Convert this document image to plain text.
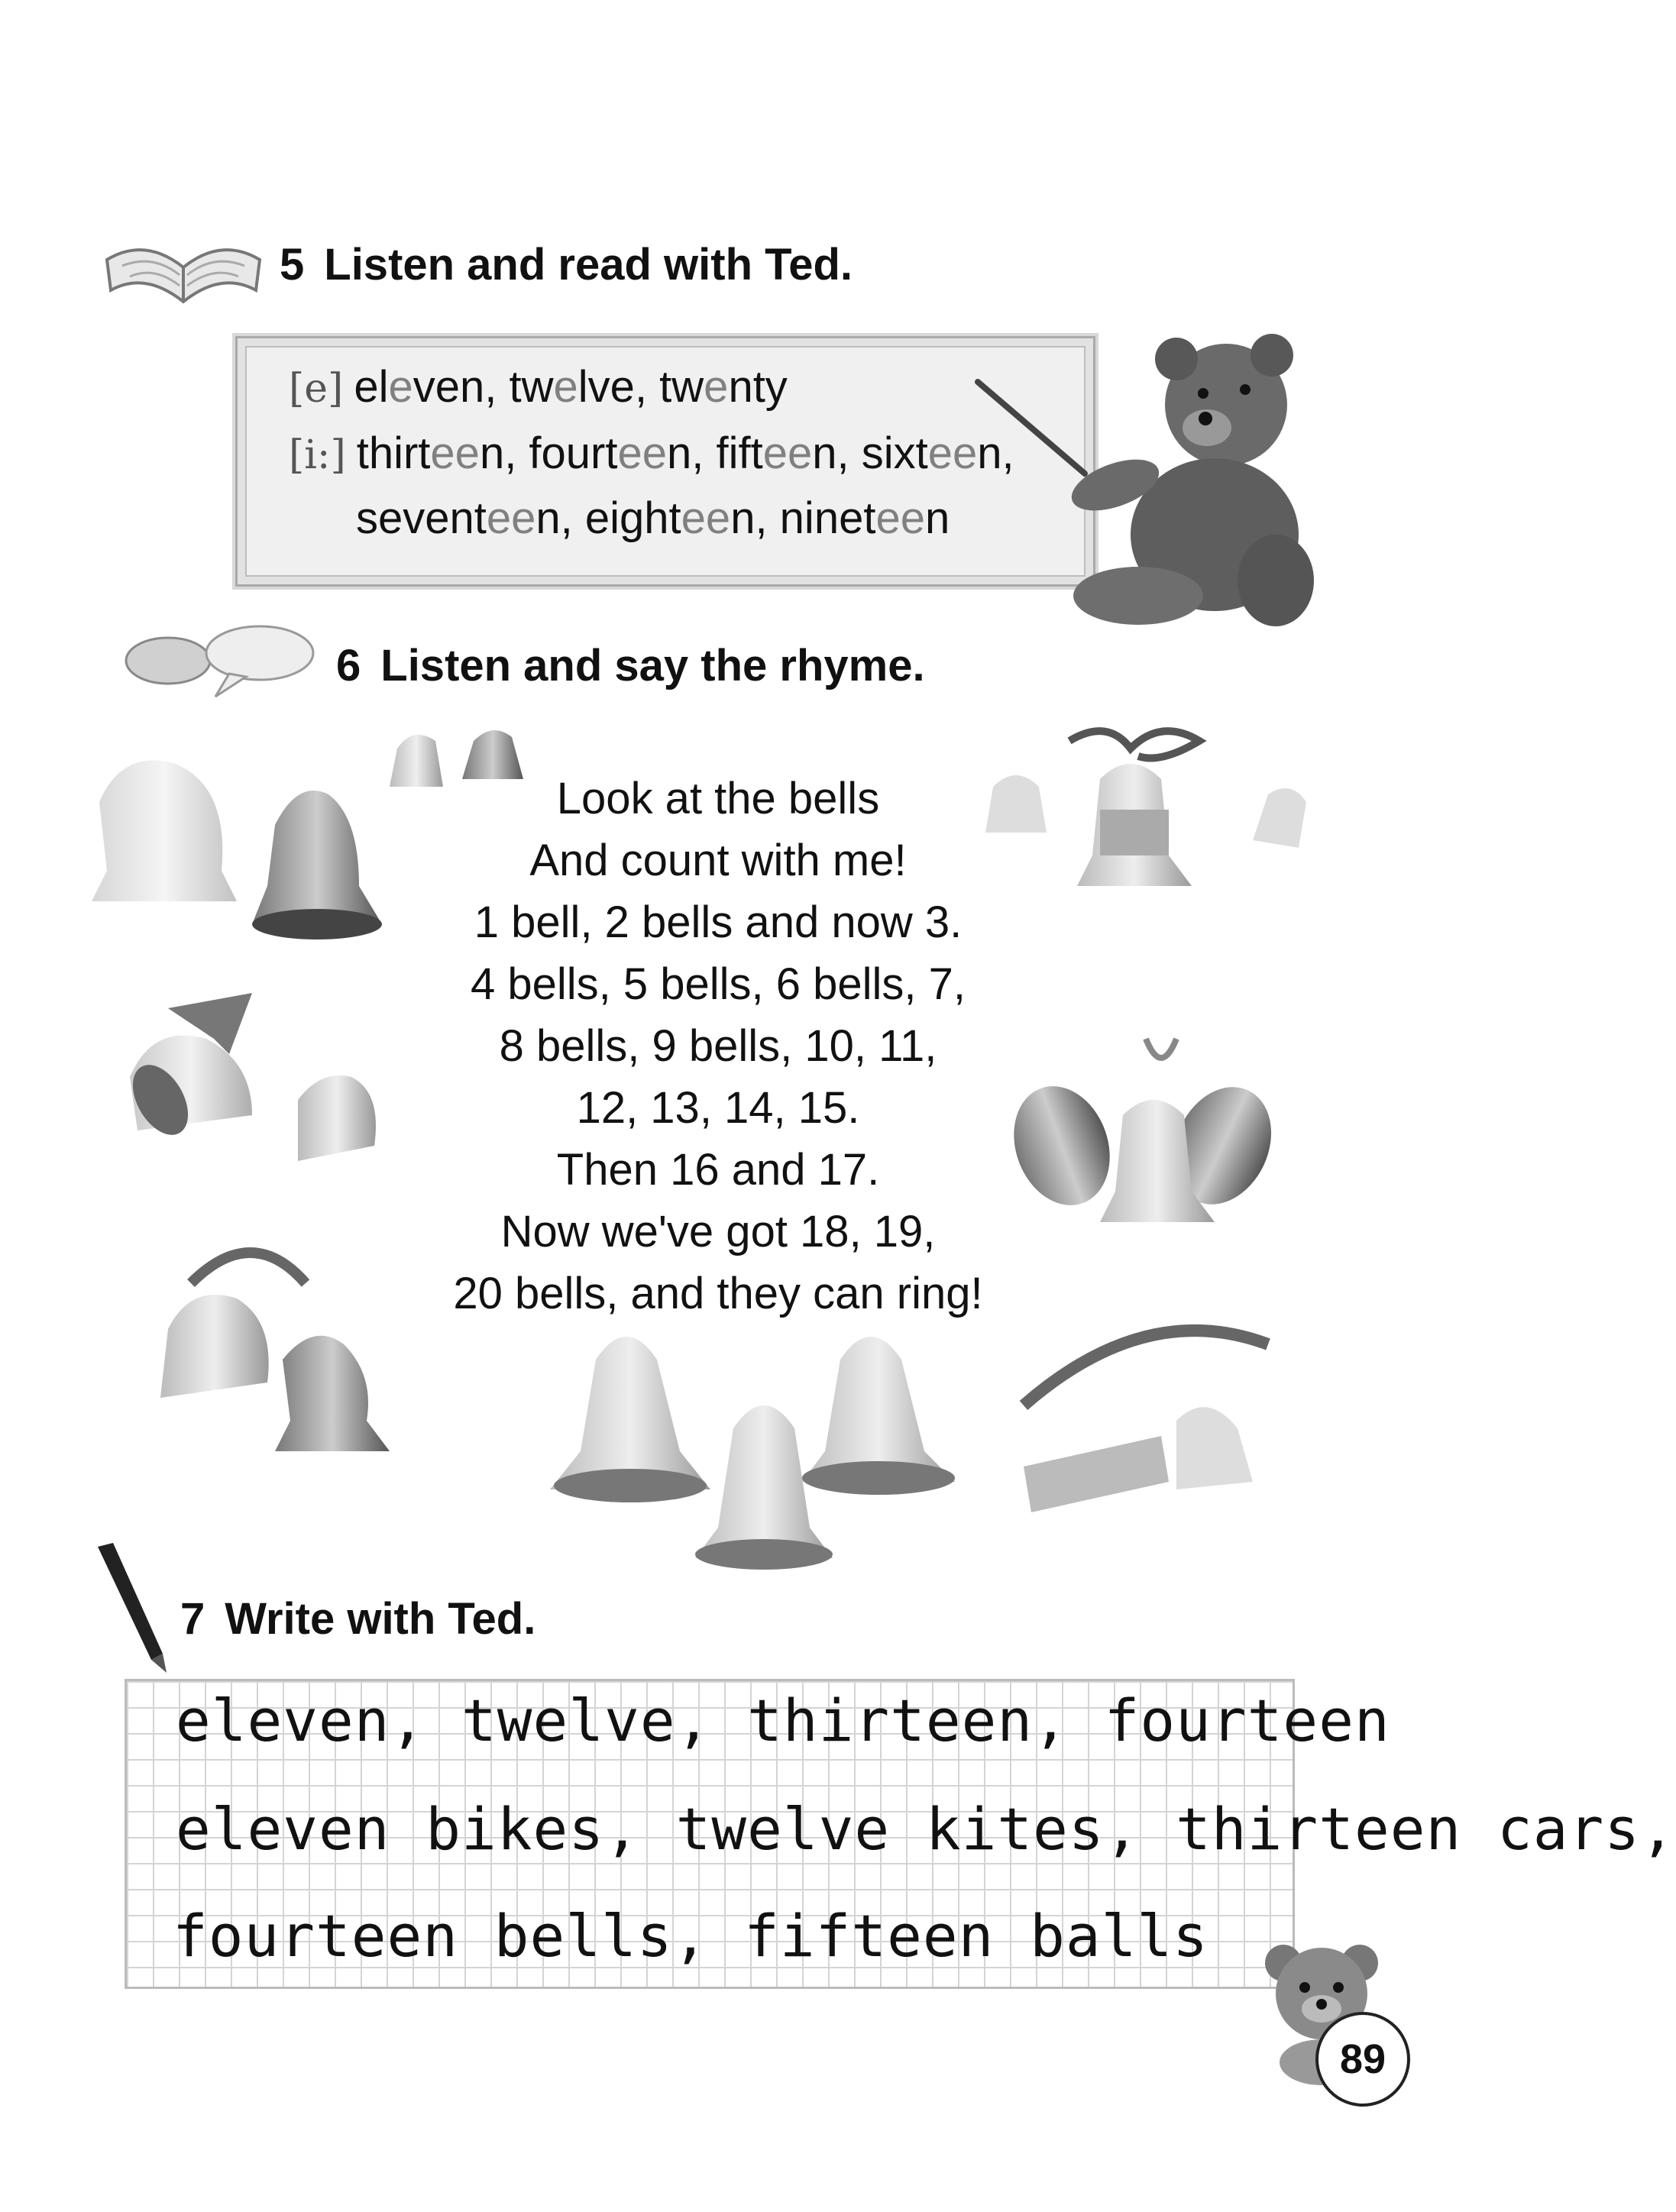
5 Listen and read with Ted.
[e] eleven, twelve, twenty
[i:] thirteen, fourteen, fifteen, sixteen,
seventeen, eighteen, nineteen
6 Listen and say the rhyme.
Look at the bells
And count with me!
1 bell, 2 bells and now 3.
4 bells, 5 bells, 6 bells, 7,
8 bells, 9 bells, 10, 11,
12, 13, 14, 15.
Then 16 and 17.
Now we've got 18, 19,
20 bells, and they can ring!
7 Write with Ted.
eleven, twelve, thirteen, fourteen
eleven bikes, twelve kites, thirteen cars,
fourteen bells, fifteen balls
89
